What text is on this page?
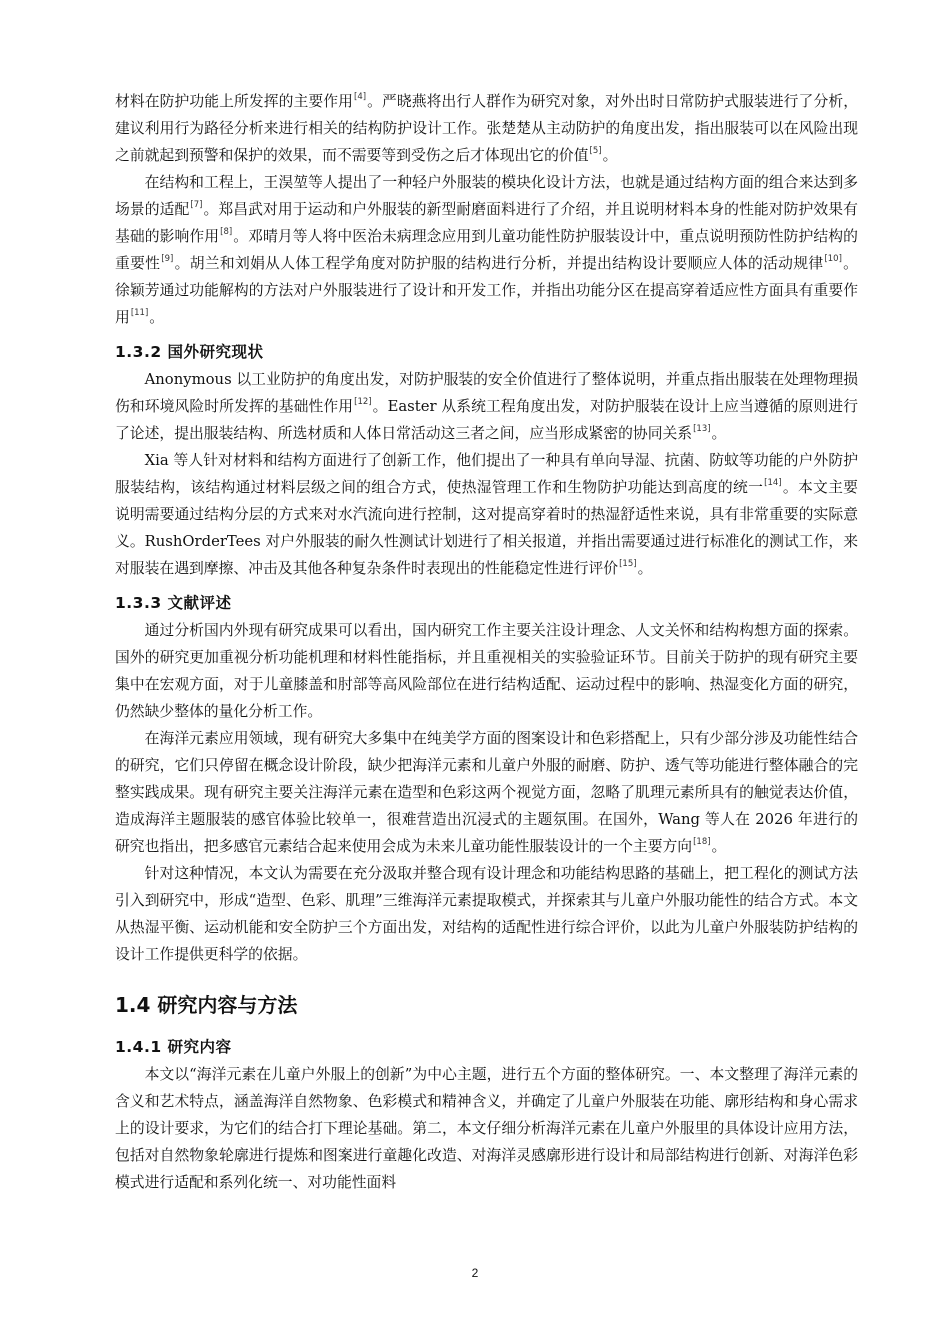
材料在防护功能上所发挥的主要作用[4]。严晓燕将出行人群作为研究对象，对外出时日常防护式服装进行了分析，建议利用行为路径分析来进行相关的结构防护设计工作。张楚楚从主动防护的角度出发，指出服装可以在风险出现之前就起到预警和保护的效果，而不需要等到受伤之后才体现出它的价值[5]。

在结构和工程上，王淏堃等人提出了一种轻户外服装的模块化设计方法，也就是通过结构方面的组合来达到多场景的适配[7]。郑昌武对用于运动和户外服装的新型耐磨面料进行了介绍，并且说明材料本身的性能对防护效果有基础的影响作用[8]。邓晴月等人将中医治未病理念应用到儿童功能性防护服装设计中，重点说明预防性防护结构的重要性[9]。胡兰和刘娟从人体工程学角度对防护服的结构进行分析，并提出结构设计要顺应人体的活动规律[10]。徐颖芳通过功能解构的方法对户外服装进行了设计和开发工作，并指出功能分区在提高穿着适应性方面具有重要作用[11]。

1.3.2 国外研究现状

Anonymous 以工业防护的角度出发，对防护服装的安全价值进行了整体说明，并重点指出服装在处理物理损伤和环境风险时所发挥的基础性作用[12]。Easter 从系统工程角度出发，对防护服装在设计上应当遵循的原则进行了论述，提出服装结构、所选材质和人体日常活动这三者之间，应当形成紧密的协同关系[13]。

Xia 等人针对材料和结构方面进行了创新工作，他们提出了一种具有单向导湿、抗菌、防蚊等功能的户外防护服装结构，该结构通过材料层级之间的组合方式，使热湿管理工作和生物防护功能达到高度的统一[14]。本文主要说明需要通过结构分层的方式来对水汽流向进行控制，这对提高穿着时的热湿舒适性来说，具有非常重要的实际意义。RushOrderTees 对户外服装的耐久性测试计划进行了相关报道，并指出需要通过进行标准化的测试工作，来对服装在遇到摩擦、冲击及其他各种复杂条件时表现出的性能稳定性进行评价[15]。

1.3.3 文献评述

通过分析国内外现有研究成果可以看出，国内研究工作主要关注设计理念、人文关怀和结构构想方面的探索。国外的研究更加重视分析功能机理和材料性能指标，并且重视相关的实验验证环节。目前关于防护的现有研究主要集中在宏观方面，对于儿童膝盖和肘部等高风险部位在进行结构适配、运动过程中的影响、热湿变化方面的研究，仍然缺少整体的量化分析工作。

在海洋元素应用领域，现有研究大多集中在纯美学方面的图案设计和色彩搭配上，只有少部分涉及功能性结合的研究，它们只停留在概念设计阶段，缺少把海洋元素和儿童户外服的耐磨、防护、透气等功能进行整体融合的完整实践成果。现有研究主要关注海洋元素在造型和色彩这两个视觉方面，忽略了肌理元素所具有的触觉表达价值，造成海洋主题服装的感官体验比较单一，很难营造出沉浸式的主题氛围。在国外，Wang 等人在 2026 年进行的研究也指出，把多感官元素结合起来使用会成为未来儿童功能性服装设计的一个主要方向[18]。

针对这种情况，本文认为需要在充分汲取并整合现有设计理念和功能结构思路的基础上，把工程化的测试方法引入到研究中，形成“造型、色彩、肌理”三维海洋元素提取模式，并探索其与儿童户外服功能性的结合方式。本文从热湿平衡、运动机能和安全防护三个方面出发，对结构的适配性进行综合评价，以此为儿童户外服装防护结构的设计工作提供更科学的依据。

1.4 研究内容与方法
1.4.1 研究内容

本文以“海洋元素在儿童户外服上的创新”为中心主题，进行五个方面的整体研究。一、本文整理了海洋元素的含义和艺术特点，涵盖海洋自然物象、色彩模式和精神含义，并确定了儿童户外服装在功能、廓形结构和身心需求上的设计要求，为它们的结合打下理论基础。第二，本文仔细分析海洋元素在儿童户外服里的具体设计应用方法，包括对自然物象轮廓进行提炼和图案进行童趣化改造、对海洋灵感廓形进行设计和局部结构进行创新、对海洋色彩模式进行适配和系列化统一、对功能性面料

2
